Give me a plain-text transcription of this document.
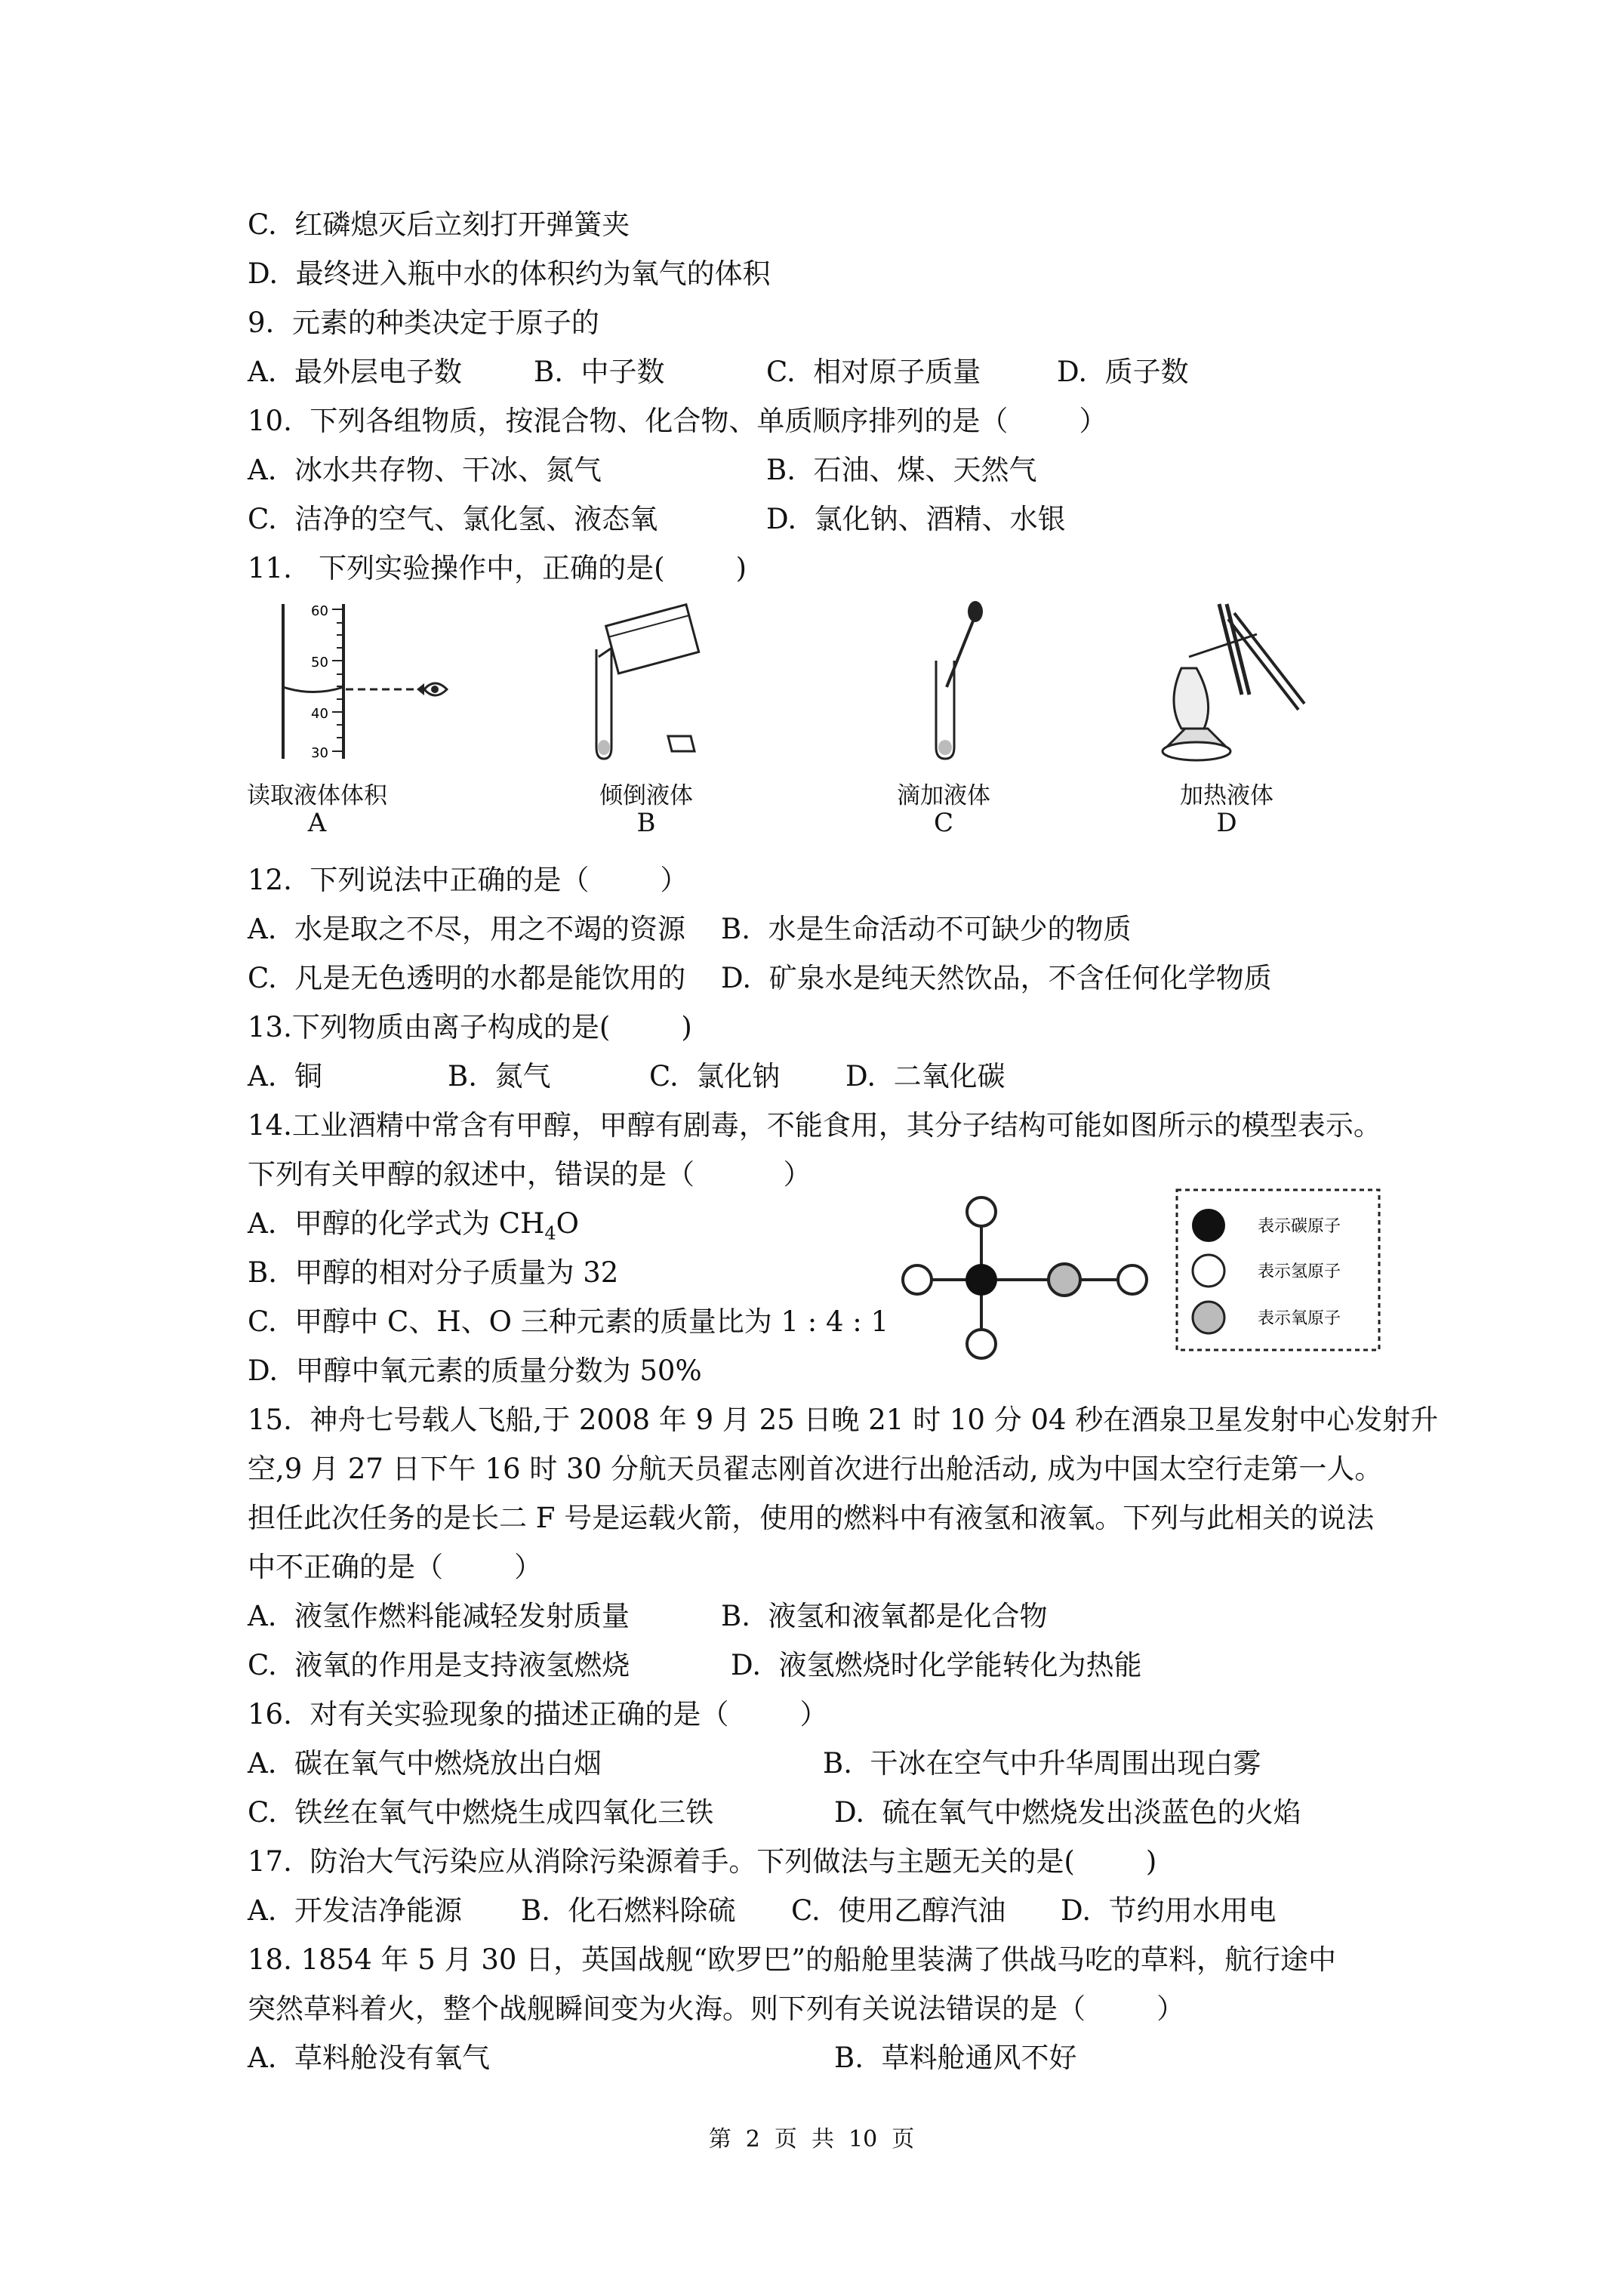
C.  红磷熄灭后立刻打开弹簧夹
D.  最终进入瓶中水的体积约为氧气的体积
9.  元素的种类决定于原子的
A.  最外层电子数	B.  中子数	C.  相对原子质量	D.  质子数
10.  下列各组物质，按混合物、化合物、单质顺序排列的是（        ）
A.  冰水共存物、干冰、氮气	B.  石油、煤、天然气
C.  洁净的空气、氯化氢、液态氧	D.  氯化钠、酒精、水银
11.   下列实验操作中，正确的是(        )
60
50
40
30
读取液体体积	倾倒液体	滴加液体	加热液体
A	B	C	D
12.  下列说法中正确的是（        ）
A.  水是取之不尽，用之不竭的资源 B.  水是生命活动不可缺少的物质
C.  凡是无色透明的水都是能饮用的 D.  矿泉水是纯天然饮品，不含任何化学物质
13.下列物质由离子构成的是(        )
A.  铜	B.  氮气	C.  氯化钠 D.  二氧化碳
14.工业酒精中常含有甲醇，甲醇有剧毒，不能食用，其分子结构可能如图所示的模型表示。
下列有关甲醇的叙述中，错误的是（          ）
A.  甲醇的化学式为 $CH_4O$
B.  甲醇的相对分子质量为 32
C.  甲醇中 C、H、O 三种元素的质量比为 1 : 4 : 1
D.  甲醇中氧元素的质量分数为 50%
表示碳原子
表示氢原子
表示氧原子
15.  神舟七号载人飞船,于 2008 年 9 月 25 日晚 21 时 10 分 04 秒在酒泉卫星发射中心发射升
空,9 月 27 日下午 16 时 30 分航天员翟志刚首次进行出舱活动, 成为中国太空行走第一人。
担任此次任务的是长二 F 号是运载火箭，使用的燃料中有液氢和液氧。下列与此相关的说法
中不正确的是（        ）
A.  液氢作燃料能减轻发射质量	B.  液氢和液氧都是化合物
C.  液氧的作用是支持液氢燃烧	D.  液氢燃烧时化学能转化为热能
16.  对有关实验现象的描述正确的是（        ）
A.  碳在氧气中燃烧放出白烟	B.  干冰在空气中升华周围出现白雾
C.  铁丝在氧气中燃烧生成四氧化三铁	D.  硫在氧气中燃烧发出淡蓝色的火焰
17.  防治大气污染应从消除污染源着手。下列做法与主题无关的是(        )
A.  开发洁净能源 B.  化石燃料除硫 C.  使用乙醇汽油 D.  节约用水用电
18. 1854 年 5 月 30 日，英国战舰“欧罗巴”的船舱里装满了供战马吃的草料，航行途中
突然草料着火，整个战舰瞬间变为火海。则下列有关说法错误的是（        ）
A.  草料舱没有氧气	B.  草料舱通风不好
第  2  页  共  10  页
